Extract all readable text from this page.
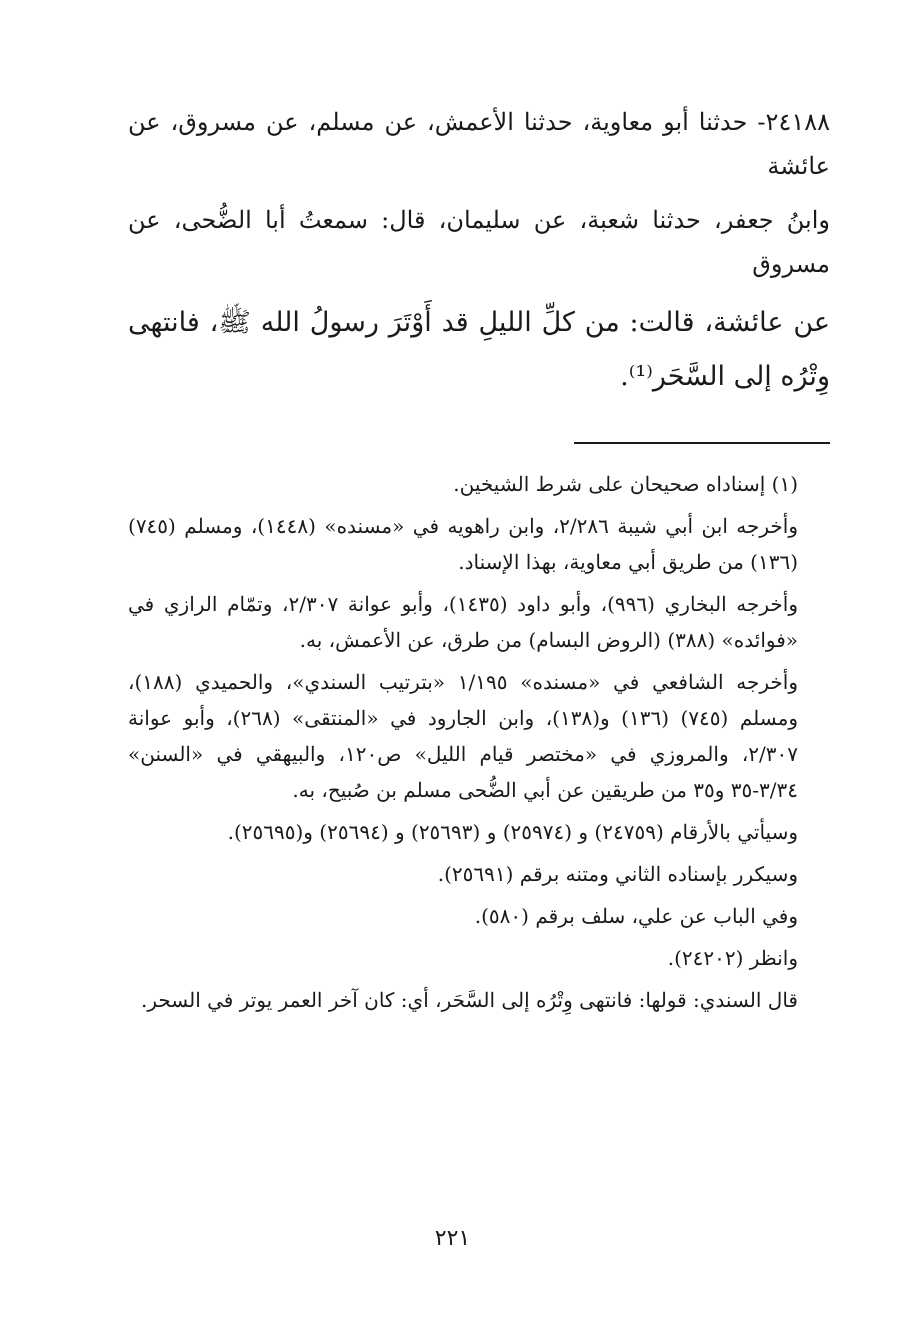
٢٤١٨٨- حدثنا أبو معاوية، حدثنا الأعمش، عن مسلم، عن مسروق، عن عائشة

وابنُ جعفر، حدثنا شعبة، عن سليمان، قال: سمعتُ أبا الضُّحى، عن مسروق

عن عائشة، قالت: من كلِّ الليلِ قد أَوْتَرَ رسولُ الله ﷺ، فانتهى وِتْرُه إلى السَّحَر⁽¹⁾.

(١) إسناداه صحيحان على شرط الشيخين.

وأخرجه ابن أبي شيبة ٢/٢٨٦، وابن راهويه في «مسنده» (١٤٤٨)، ومسلم (٧٤٥) (١٣٦) من طريق أبي معاوية، بهذا الإسناد.

وأخرجه البخاري (٩٩٦)، وأبو داود (١٤٣٥)، وأبو عوانة ٢/٣٠٧، وتمّام الرازي في «فوائده» (٣٨٨) (الروض البسام) من طرق، عن الأعمش، به.

وأخرجه الشافعي في «مسنده» ١/١٩٥ «بترتيب السندي»، والحميدي (١٨٨)، ومسلم (٧٤٥) (١٣٦) و(١٣٨)، وابن الجارود في «المنتقى» (٢٦٨)، وأبو عوانة ٢/٣٠٧، والمروزي في «مختصر قيام الليل» ص١٢٠، والبيهقي في «السنن» ٣/٣٤-٣٥ و٣٥ من طريقين عن أبي الضُّحى مسلم بن صُبيح، به.

وسيأتي بالأرقام (٢٤٧٥٩) و (٢٥٩٧٤) و (٢٥٦٩٣) و (٢٥٦٩٤) و(٢٥٦٩٥).

وسيكرر بإسناده الثاني ومتنه برقم (٢٥٦٩١).

وفي الباب عن علي، سلف برقم (٥٨٠).

وانظر (٢٤٢٠٢).

قال السندي: قولها: فانتهى وِتْرُه إلى السَّحَر، أي: كان آخر العمر يوتر في السحر.

٢٢١
